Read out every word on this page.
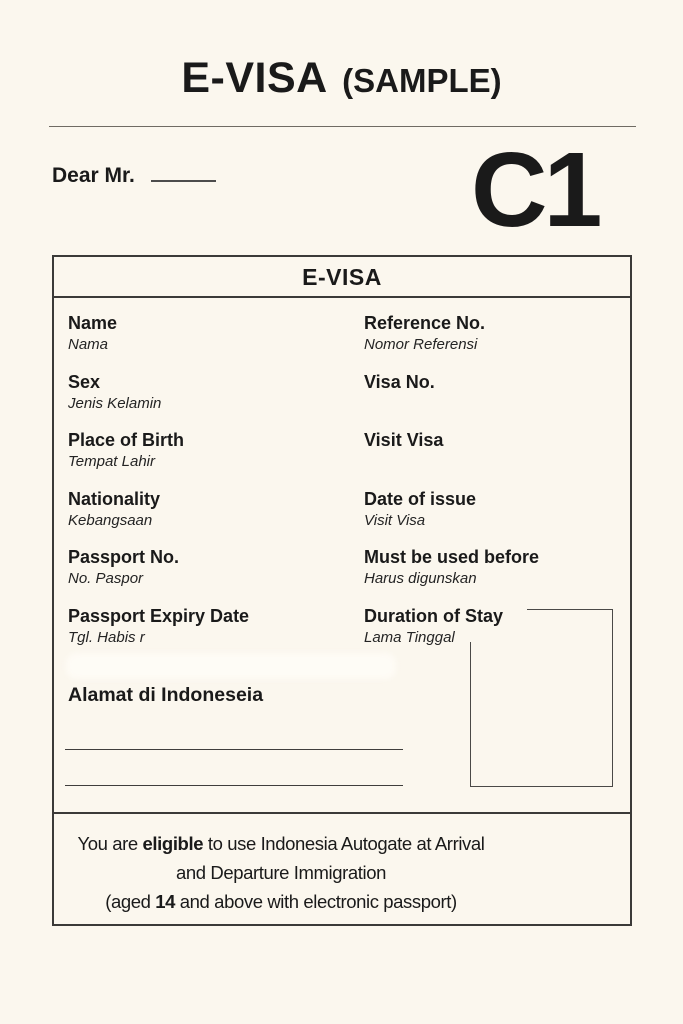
E-VISA (SAMPLE)
Dear Mr.	C1
E-VISA
Name
Nama
Reference No.
Nomor Referensi
Sex
Jenis Kelamin
Visa No.
Place of Birth
Tempat Lahir
Visit Visa
Nationality
Kebangsaan
Date of issue
Visit Visa
Passport No.
No. Paspor
Must be used before
Harus digunskan
Passport Expiry Date
Tgl. Habis r
Duration of Stay
Lama Tinggal
Alamat di Indoneseia

You are eligible to use Indonesia Autogate at Arrival

and Departure Immigration

(aged 14 and above with electronic passport)
